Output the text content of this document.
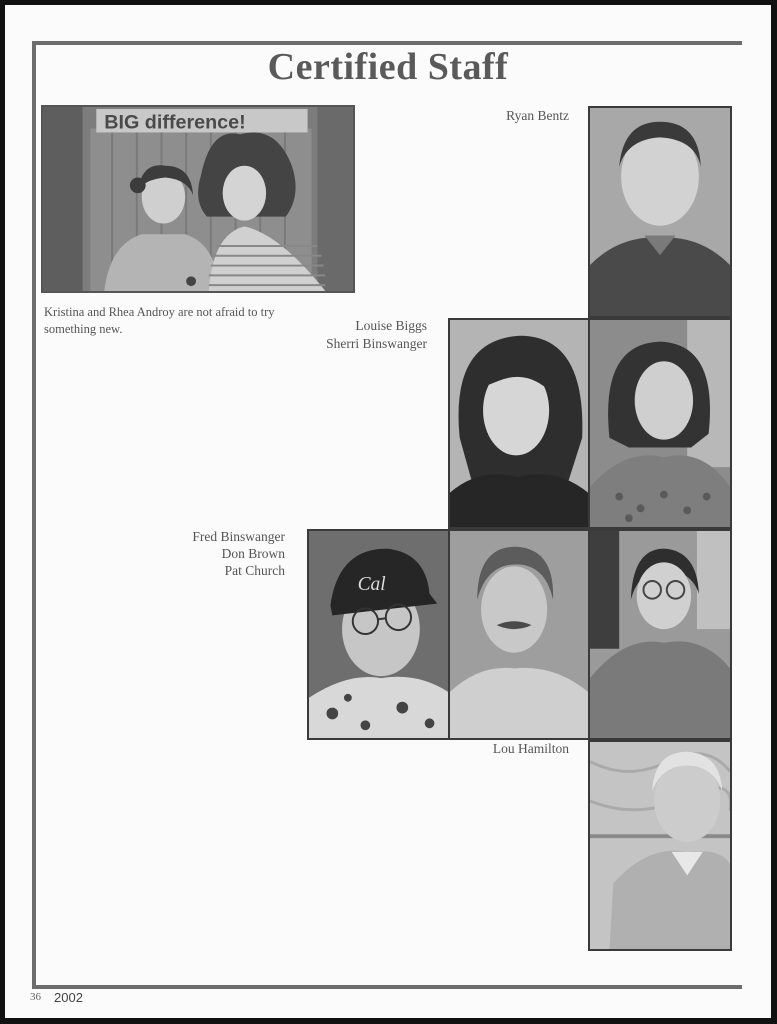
Certified Staff
BIG difference!
Kristina and Rhea Androy are not afraid to try something new.
Ryan Bentz
Louise Biggs
Sherri Binswanger
Fred Binswanger
Don Brown
Pat Church
Lou Hamilton
Cal
36 2002
